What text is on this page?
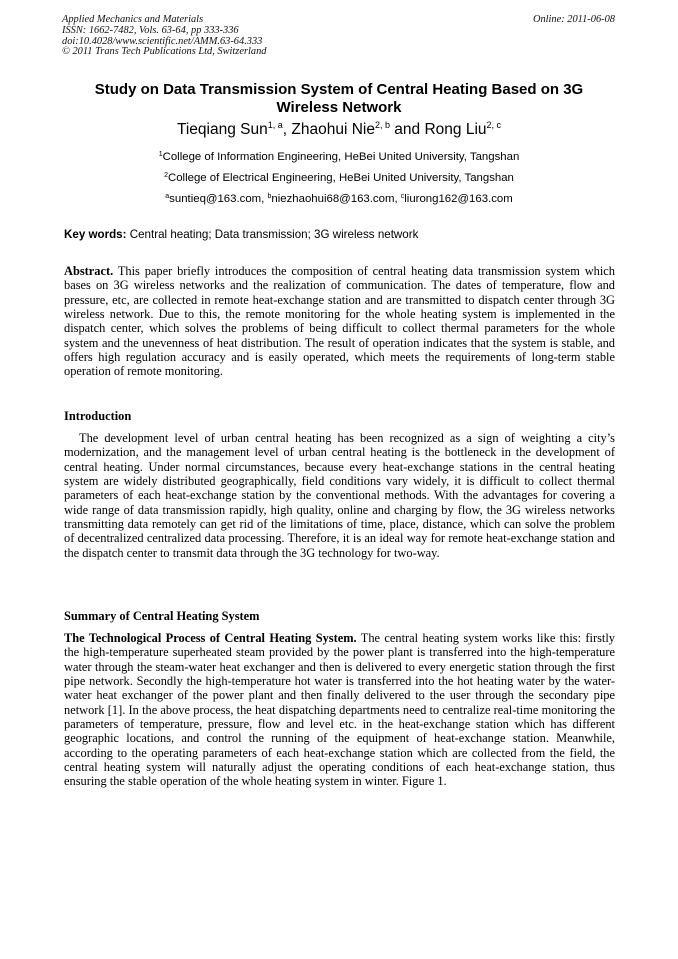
Applied Mechanics and Materials
ISSN: 1662-7482, Vols. 63-64, pp 333-336
doi:10.4028/www.scientific.net/AMM.63-64.333
© 2011 Trans Tech Publications Ltd, Switzerland
Online: 2011-06-08
Study on Data Transmission System of Central Heating Based on 3G Wireless Network
Tieqiang Sun$^{1, a}$, Zhaohui Nie$^{2, b}$ and Rong Liu$^{2, c}$
$^1$College of Information Engineering, HeBei United University, Tangshan
$^2$College of Electrical Engineering, HeBei United University, Tangshan
$^a$suntieq@163.com, $^b$niezhaohui68@163.com, $^c$liurong162@163.com
Key words: Central heating; Data transmission; 3G wireless network
Abstract. This paper briefly introduces the composition of central heating data transmission system which bases on 3G wireless networks and the realization of communication. The dates of temperature, flow and pressure, etc, are collected in remote heat-exchange station and are transmitted to dispatch center through 3G wireless network. Due to this, the remote monitoring for the whole heating system is implemented in the dispatch center, which solves the problems of being difficult to collect thermal parameters for the whole system and the unevenness of heat distribution. The result of operation indicates that the system is stable, and offers high regulation accuracy and is easily operated, which meets the requirements of long-term stable operation of remote monitoring.
Introduction
The development level of urban central heating has been recognized as a sign of weighting a city’s modernization, and the management level of urban central heating is the bottleneck in the development of central heating. Under normal circumstances, because every heat-exchange stations in the central heating system are widely distributed geographically, field conditions vary widely, it is difficult to collect thermal parameters of each heat-exchange station by the conventional methods. With the advantages for covering a wide range of data transmission rapidly, high quality, online and charging by flow, the 3G wireless networks transmitting data remotely can get rid of the limitations of time, place, distance, which can solve the problem of decentralized centralized data processing. Therefore, it is an ideal way for remote heat-exchange station and the dispatch center to transmit data through the 3G technology for two-way.
Summary of Central Heating System
The Technological Process of Central Heating System. The central heating system works like this: firstly the high-temperature superheated steam provided by the power plant is transferred into the high-temperature water through the steam-water heat exchanger and then is delivered to every energetic station through the first pipe network. Secondly the high-temperature hot water is transferred into the hot heating water by the water-water heat exchanger of the power plant and then finally delivered to the user through the secondary pipe network [1]. In the above process, the heat dispatching departments need to centralize real-time monitoring the parameters of temperature, pressure, flow and level etc. in the heat-exchange station which has different geographic locations, and control the running of the equipment of heat-exchange station. Meanwhile, according to the operating parameters of each heat-exchange station which are collected from the field, the central heating system will naturally adjust the operating conditions of each heat-exchange station, thus ensuring the stable operation of the whole heating system in winter. Figure 1.
